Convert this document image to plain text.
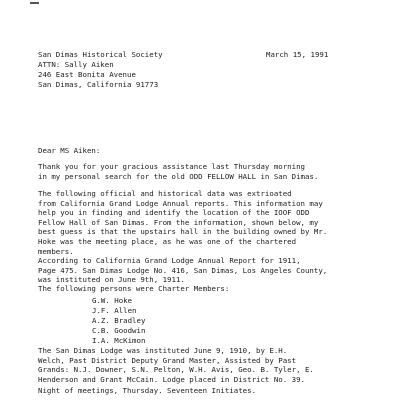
San Dimas Historical Society
ATTN: Sally Aiken
246 East Bonita Avenue
San Dimas, California 91773
March 15, 1991
Dear MS Aiken:
Thank you for your gracious assistance last Thursday morning
in my personal search for the old ODD FELLOW HALL in San Dimas.
The following official and historical data was extrioated
from California Grand Lodge Annual reports. This information may
help you in finding and identify the location of the IOOF ODD
Fellow Hall of San Dimas. From the information, shown below, my
best guess is that the upstairs hall in the building owned by Mr.
Hoke was the meeting place, as he was one of the chartered
members.
According to California Grand Lodge Annual Report for 1911,
Page 475. San Dimas Lodge No. 416, San Dimas, Los Angeles County,
was instituted on June 9th, 1911.
The following persons were Charter Members:
G.W. Hoke
J.F. Allen
A.Z. Bradley
C.B. Goodwin
I.A. McKimon
The San Dimas Lodge was instituted June 9, 1910, by E.H.
Welch, Past District Deputy Grand Master, Assisted by Past
Grands: N.J. Downer, S.N. Pelton, W.H. Avis, Geo. B. Tyler, E.
Henderson and Grant McCain. Lodge placed in District No. 39.
Night of meetings, Thursday. Seventeen Initiates.
